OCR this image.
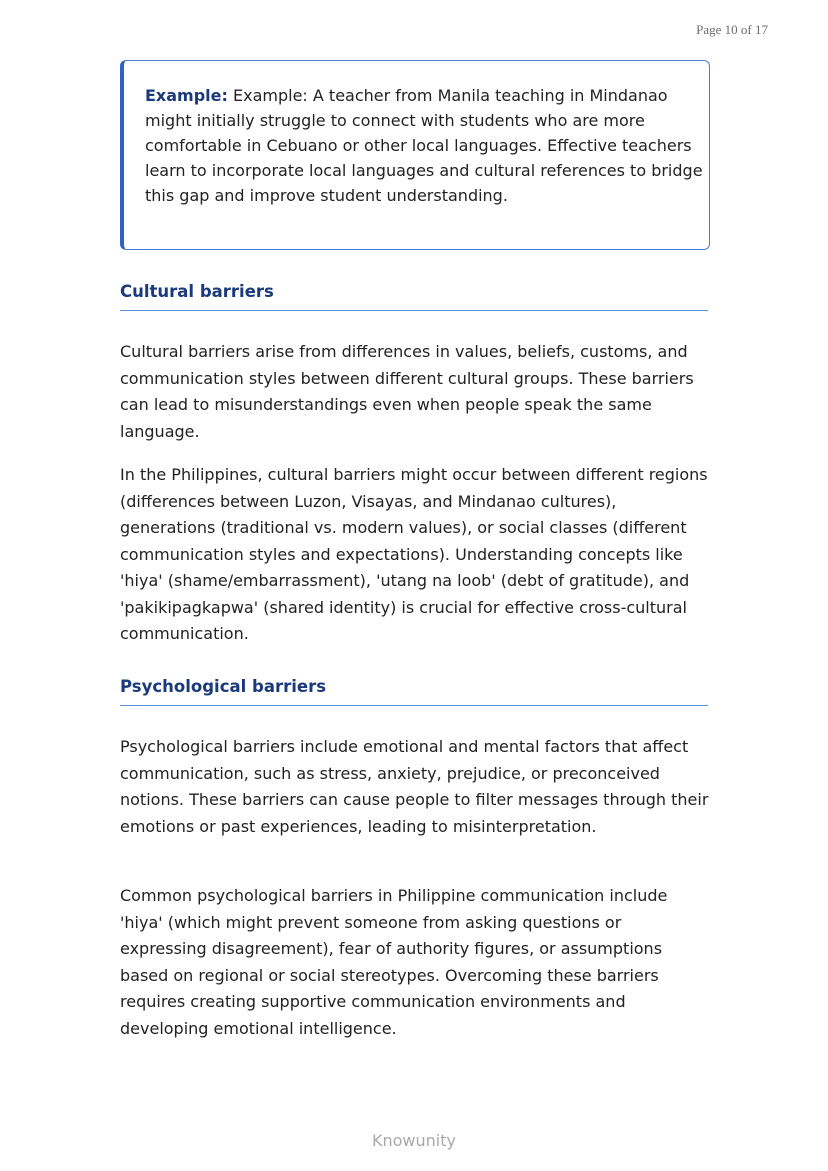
Page 10 of 17
Example: Example: A teacher from Manila teaching in Mindanao might initially struggle to connect with students who are more comfortable in Cebuano or other local languages. Effective teachers learn to incorporate local languages and cultural references to bridge this gap and improve student understanding.
Cultural barriers

Cultural barriers arise from differences in values, beliefs, customs, and communication styles between different cultural groups. These barriers can lead to misunderstandings even when people speak the same language.

In the Philippines, cultural barriers might occur between different regions (differences between Luzon, Visayas, and Mindanao cultures), generations (traditional vs. modern values), or social classes (different communication styles and expectations). Understanding concepts like 'hiya' (shame/embarrassment), 'utang na loob' (debt of gratitude), and 'pakikipagkapwa' (shared identity) is crucial for effective cross-cultural communication.

Psychological barriers

Psychological barriers include emotional and mental factors that affect communication, such as stress, anxiety, prejudice, or preconceived notions. These barriers can cause people to filter messages through their emotions or past experiences, leading to misinterpretation.

Common psychological barriers in Philippine communication include 'hiya' (which might prevent someone from asking questions or expressing disagreement), fear of authority figures, or assumptions based on regional or social stereotypes. Overcoming these barriers requires creating supportive communication environments and developing emotional intelligence.

Knowunity
